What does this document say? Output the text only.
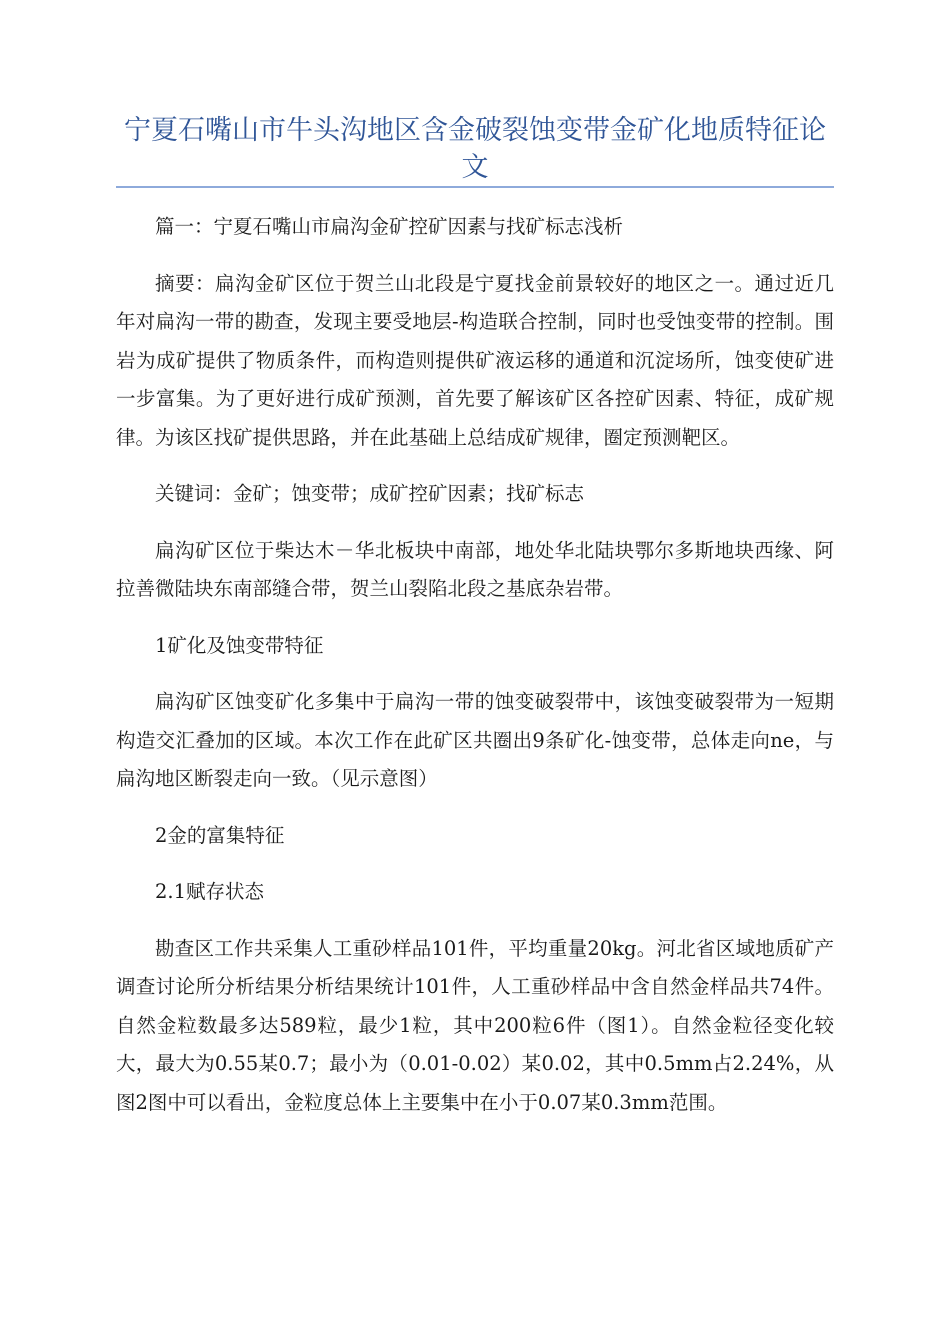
宁夏石嘴山市牛头沟地区含金破裂蚀变带金矿化地质特征论文

篇一：宁夏石嘴山市扁沟金矿控矿因素与找矿标志浅析

摘要：扁沟金矿区位于贺兰山北段是宁夏找金前景较好的地区之一。通过近几年对扁沟一带的勘查，发现主要受地层-构造联合控制，同时也受蚀变带的控制。围岩为成矿提供了物质条件，而构造则提供矿液运移的通道和沉淀场所，蚀变使矿进一步富集。为了更好进行成矿预测，首先要了解该矿区各控矿因素、特征，成矿规律。为该区找矿提供思路，并在此基础上总结成矿规律，圈定预测靶区。

关键词：金矿；蚀变带；成矿控矿因素；找矿标志

扁沟矿区位于柴达木－华北板块中南部，地处华北陆块鄂尔多斯地块西缘、阿拉善微陆块东南部缝合带，贺兰山裂陷北段之基底杂岩带。

1矿化及蚀变带特征

扁沟矿区蚀变矿化多集中于扁沟一带的蚀变破裂带中，该蚀变破裂带为一短期构造交汇叠加的区域。本次工作在此矿区共圈出9条矿化-蚀变带，总体走向ne，与扁沟地区断裂走向一致。（见示意图）

2金的富集特征

2.1赋存状态

勘查区工作共采集人工重砂样品101件，平均重量20kg。河北省区域地质矿产调查讨论所分析结果分析结果统计101件，人工重砂样品中含自然金样品共74件。自然金粒数最多达589粒，最少1粒，其中200粒6件（图1）。自然金粒径变化较大，最大为0.55某0.7；最小为（0.01-0.02）某0.02，其中0.5mm占2.24%，从图2图中可以看出，金粒度总体上主要集中在小于0.07某0.3mm范围。
